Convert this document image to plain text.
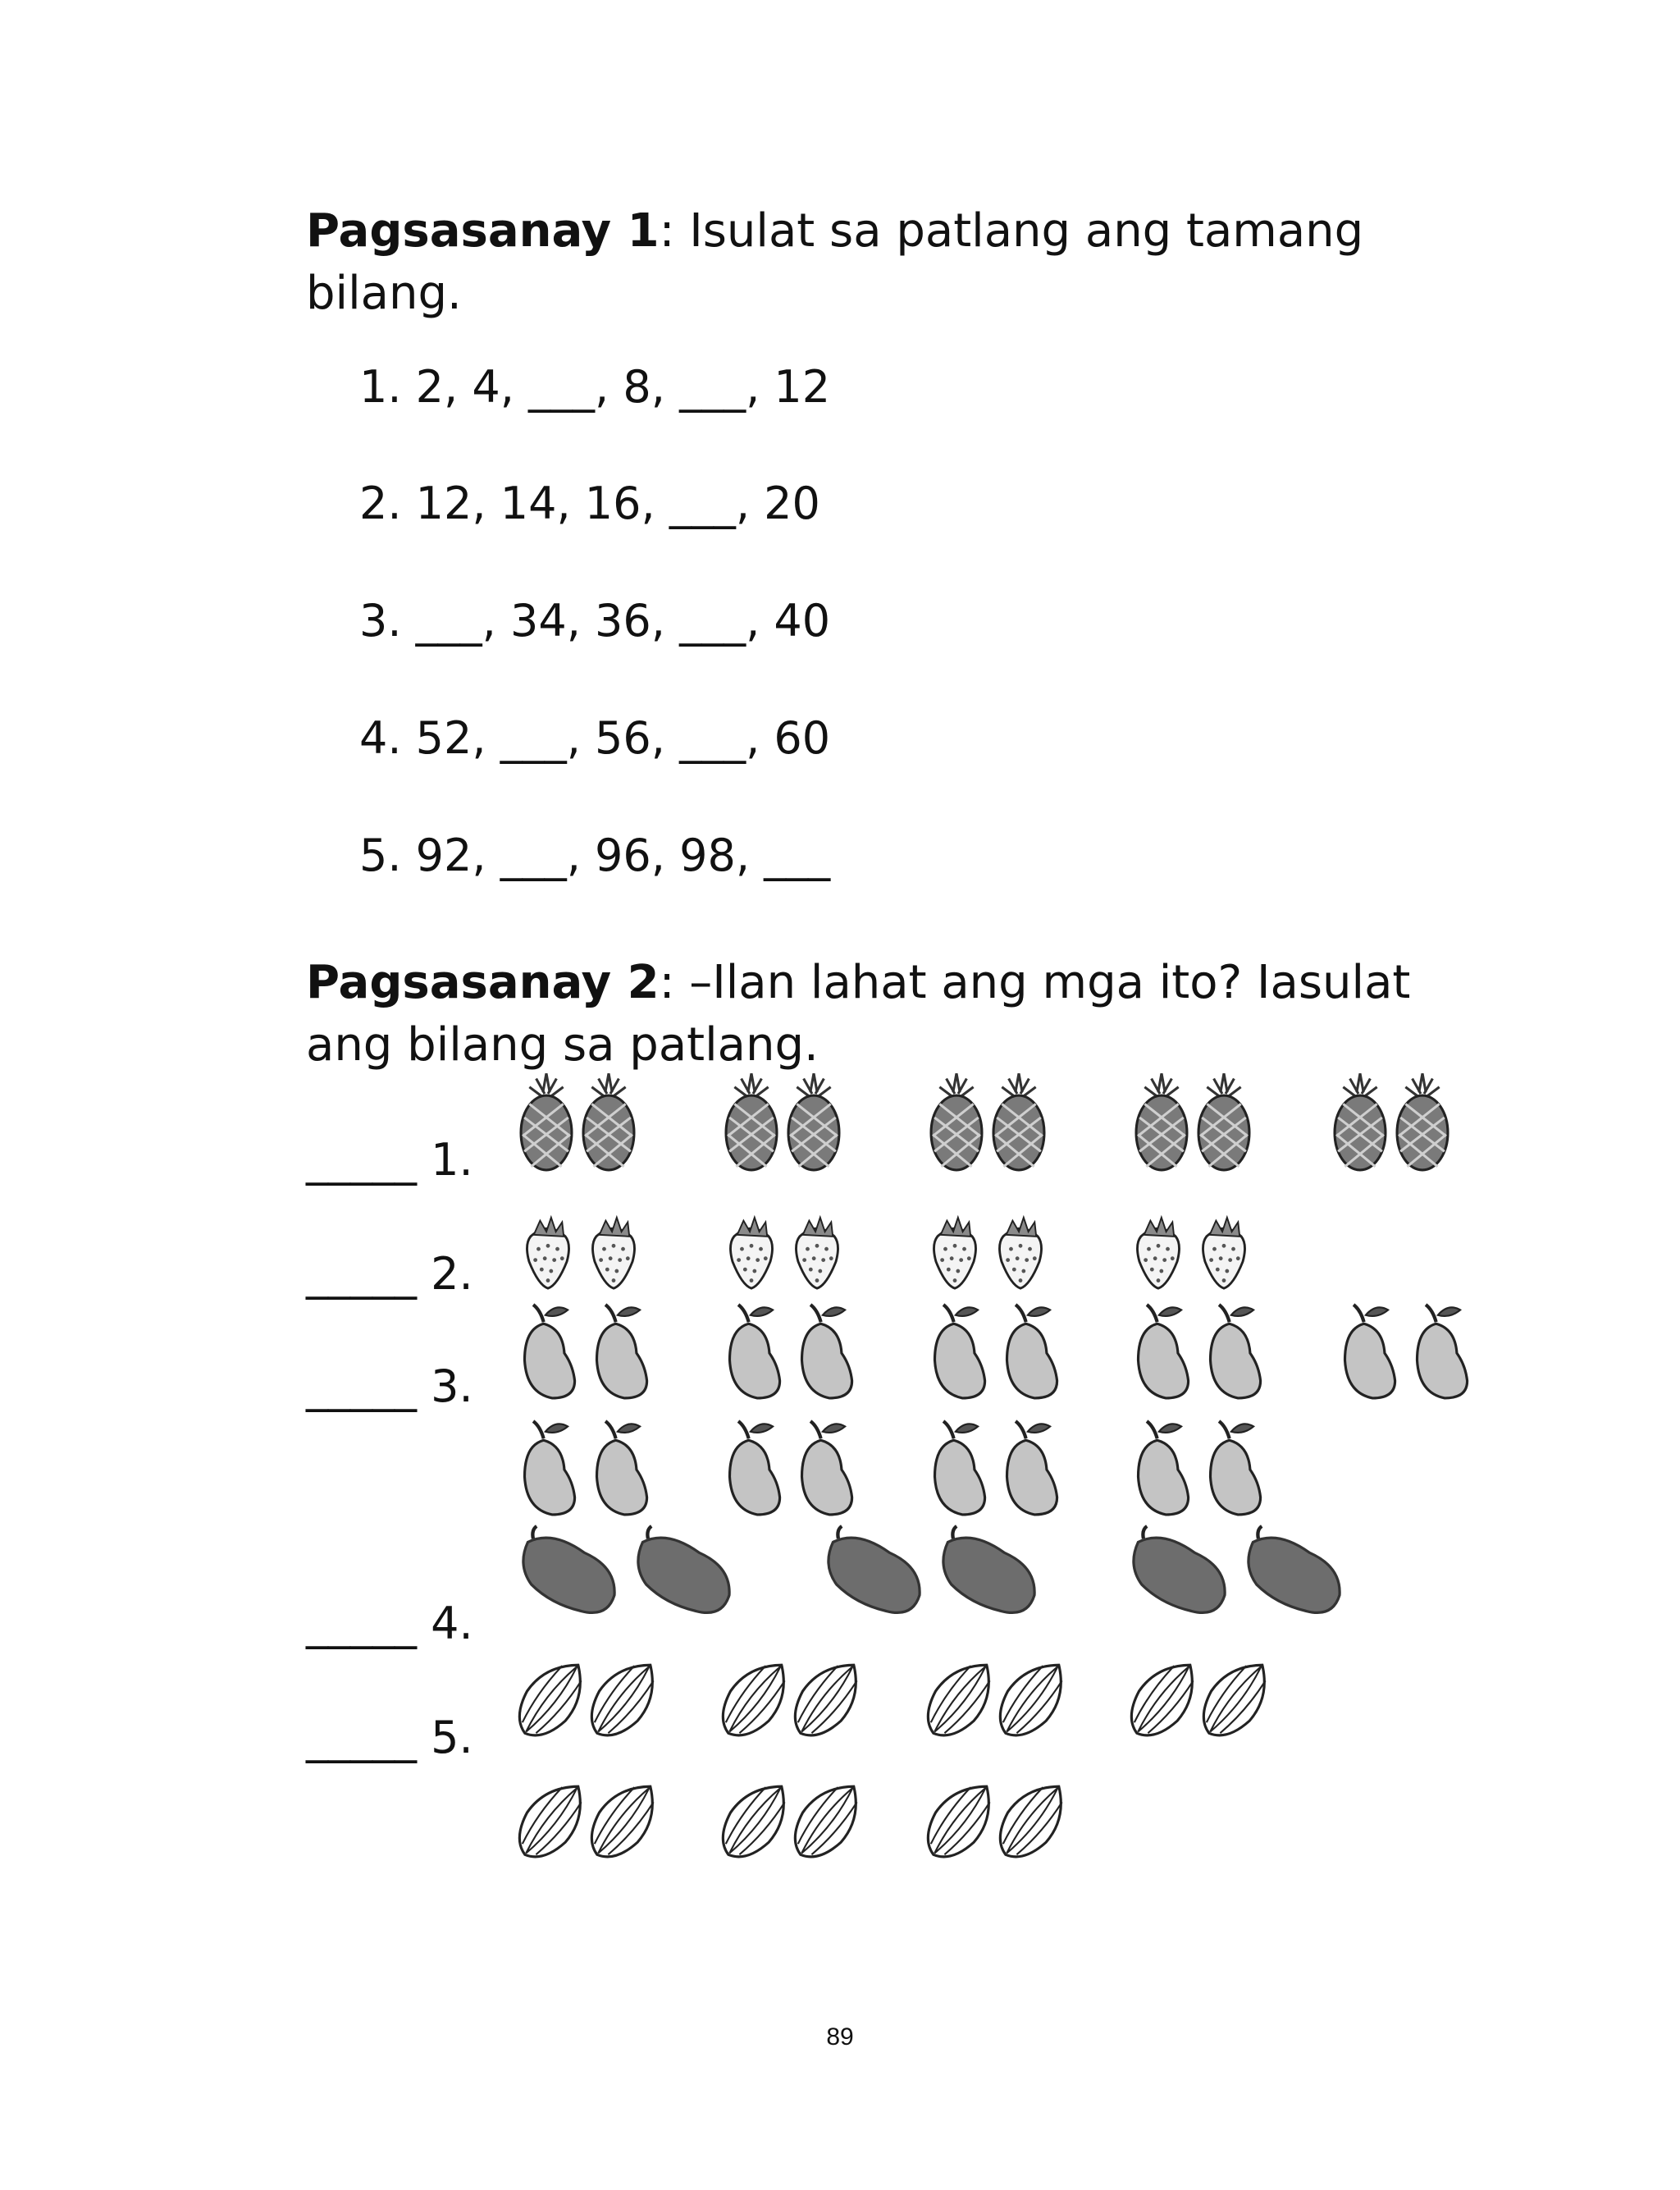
Pagsasanay 1: Isulat sa patlang ang tamang bilang.

1. 2, 4, ___, 8, ___, 12

2. 12, 14, 16, ___, 20

3. ___, 34, 36, ___, 40

4. 52, ___, 56, ___, 60

5. 92, ___, 96, 98, ___

Pagsasanay 2: –Ilan lahat ang mga ito? Iasulat ang bilang sa patlang.
_____ 1.
_____ 2.
_____ 3.
_____ 4.
_____ 5.
89
